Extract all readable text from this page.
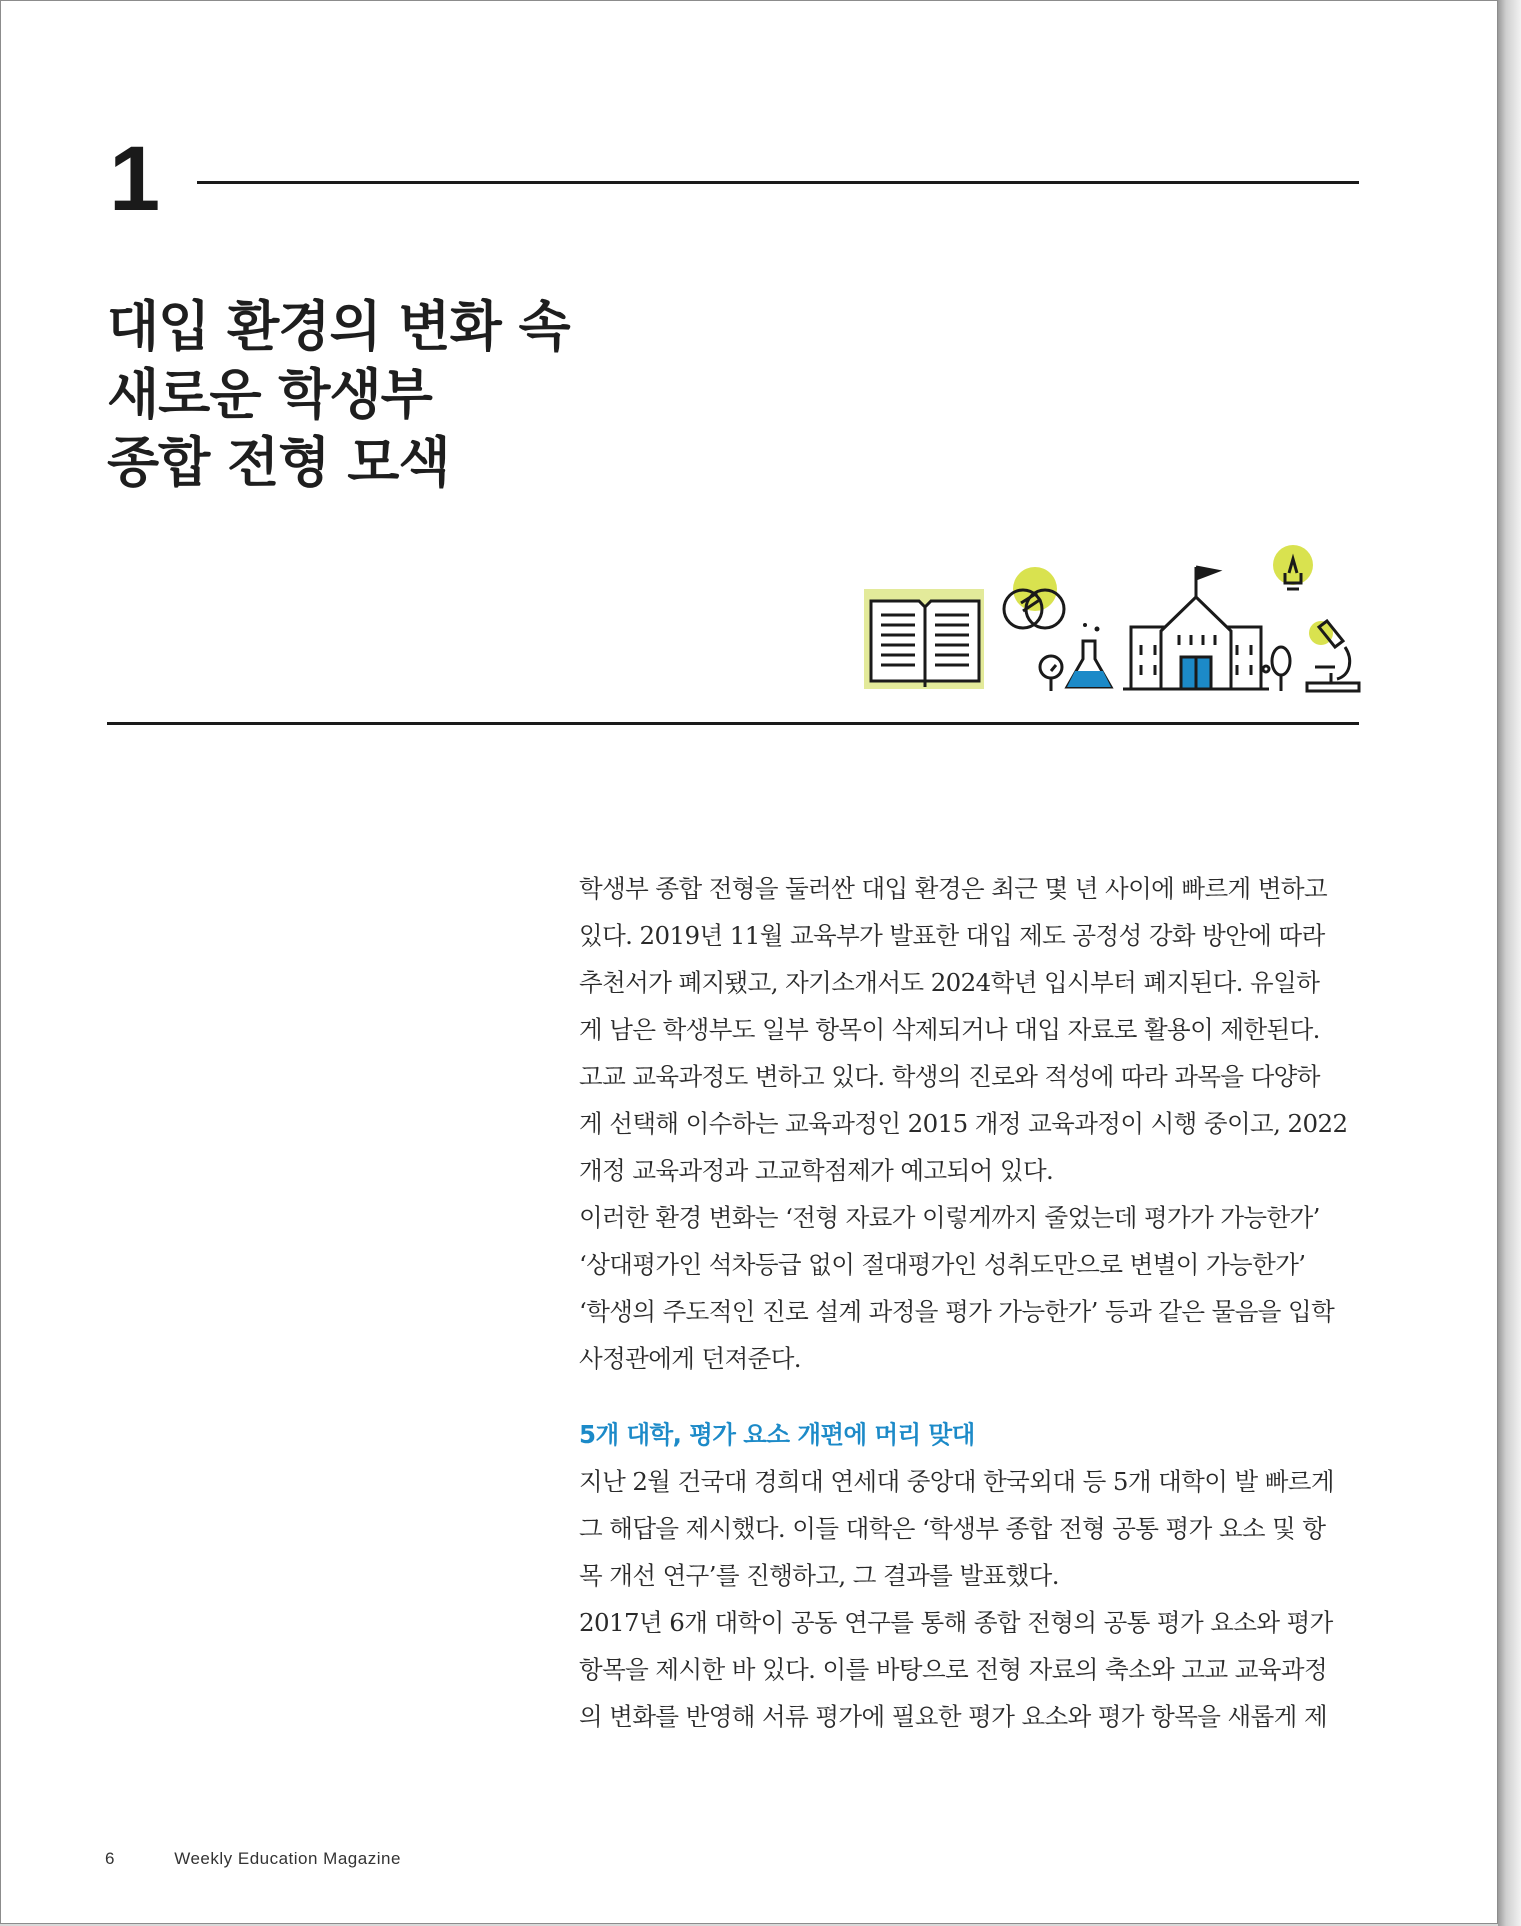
1
대입 환경의 변화 속
새로운 학생부
종합 전형 모색
학생부 종합 전형을 둘러싼 대입 환경은 최근 몇 년 사이에 빠르게 변하고
있다. 2019년 11월 교육부가 발표한 대입 제도 공정성 강화 방안에 따라
추천서가 폐지됐고, 자기소개서도 2024학년 입시부터 폐지된다. 유일하
게 남은 학생부도 일부 항목이 삭제되거나 대입 자료로 활용이 제한된다.
고교 교육과정도 변하고 있다. 학생의 진로와 적성에 따라 과목을 다양하
게 선택해 이수하는 교육과정인 2015 개정 교육과정이 시행 중이고, 2022
개정 교육과정과 고교학점제가 예고되어 있다.
이러한 환경 변화는 ‘전형 자료가 이렇게까지 줄었는데 평가가 가능한가’
‘상대평가인 석차등급 없이 절대평가인 성취도만으로 변별이 가능한가’
‘학생의 주도적인 진로 설계 과정을 평가 가능한가’ 등과 같은 물음을 입학
사정관에게 던져준다.
5개 대학, 평가 요소 개편에 머리 맞대
지난 2월 건국대 경희대 연세대 중앙대 한국외대 등 5개 대학이 발 빠르게
그 해답을 제시했다. 이들 대학은 ‘학생부 종합 전형 공통 평가 요소 및 항
목 개선 연구’를 진행하고, 그 결과를 발표했다.
2017년 6개 대학이 공동 연구를 통해 종합 전형의 공통 평가 요소와 평가
항목을 제시한 바 있다. 이를 바탕으로 전형 자료의 축소와 고교 교육과정
의 변화를 반영해 서류 평가에 필요한 평가 요소와 평가 항목을 새롭게 제
6	Weekly Education Magazine
